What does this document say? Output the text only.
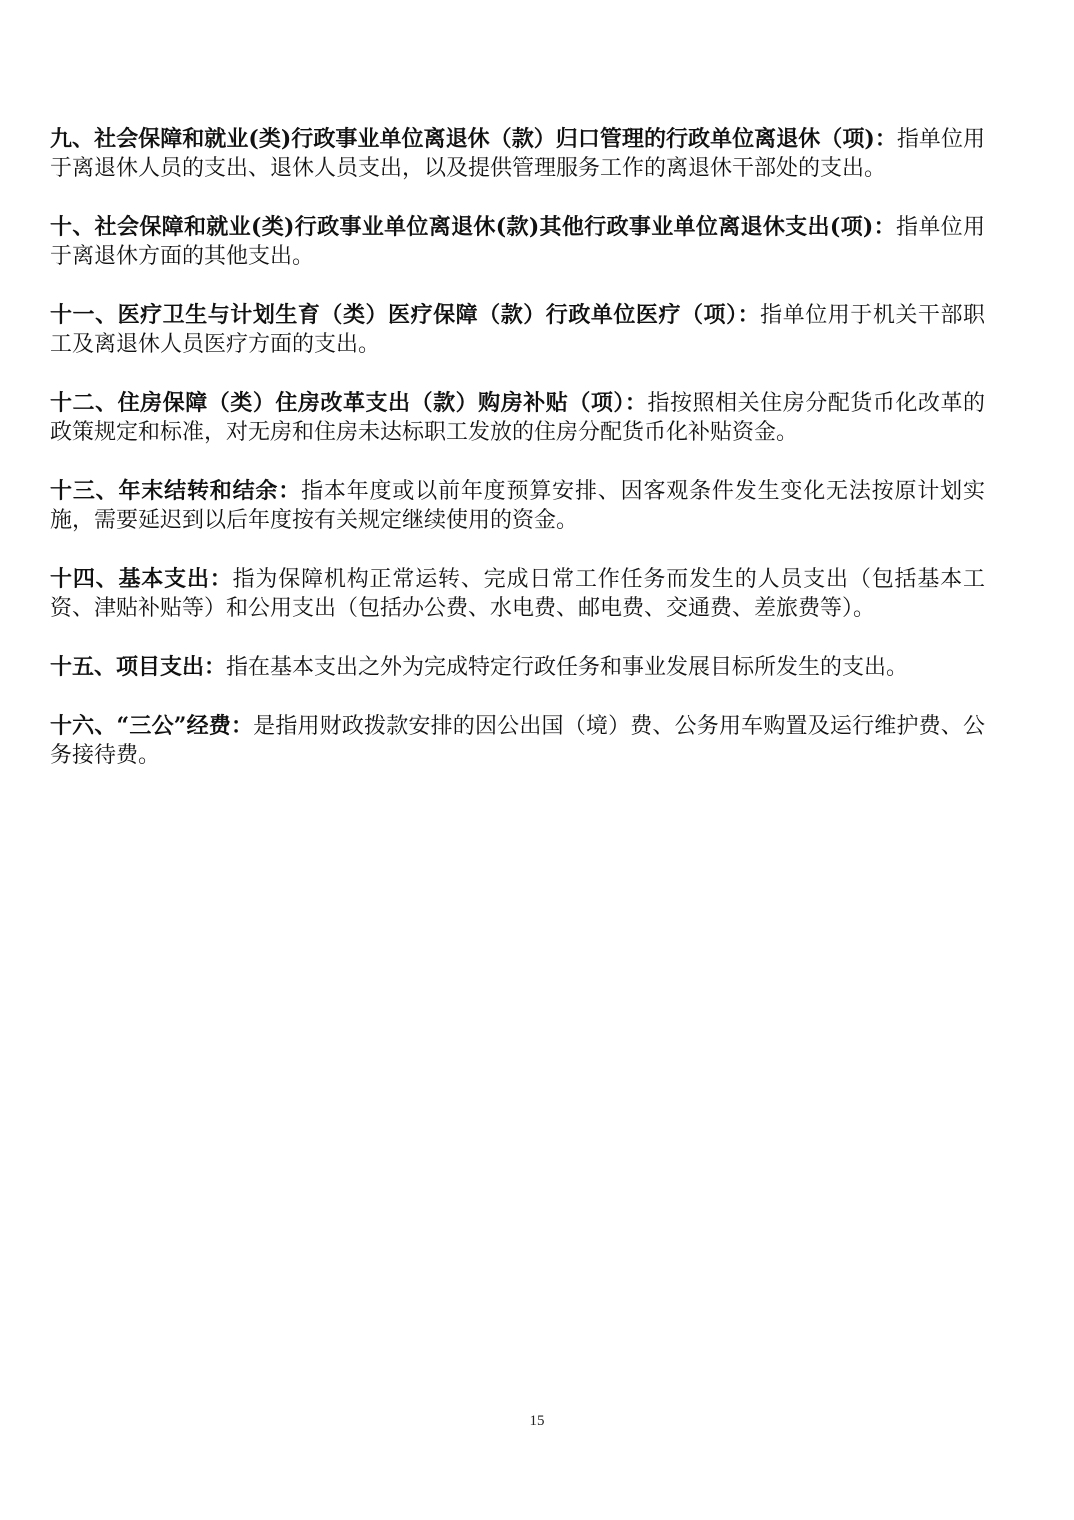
九、社会保障和就业(类)行政事业单位离退休（款）归口管理的行政单位离退休（项)：指单位用于离退休人员的支出、退休人员支出，以及提供管理服务工作的离退休干部处的支出。

十、社会保障和就业(类)行政事业单位离退休(款)其他行政事业单位离退休支出(项)：指单位用于离退休方面的其他支出。

十一、医疗卫生与计划生育（类）医疗保障（款）行政单位医疗（项）：指单位用于机关干部职工及离退休人员医疗方面的支出。

十二、住房保障（类）住房改革支出（款）购房补贴（项）：指按照相关住房分配货币化改革的政策规定和标准，对无房和住房未达标职工发放的住房分配货币化补贴资金。

十三、年末结转和结余：指本年度或以前年度预算安排、因客观条件发生变化无法按原计划实施，需要延迟到以后年度按有关规定继续使用的资金。

十四、基本支出：指为保障机构正常运转、完成日常工作任务而发生的人员支出（包括基本工资、津贴补贴等）和公用支出（包括办公费、水电费、邮电费、交通费、差旅费等）。

十五、项目支出：指在基本支出之外为完成特定行政任务和事业发展目标所发生的支出。

十六、“三公”经费：是指用财政拨款安排的因公出国（境）费、公务用车购置及运行维护费、公务接待费。

15
